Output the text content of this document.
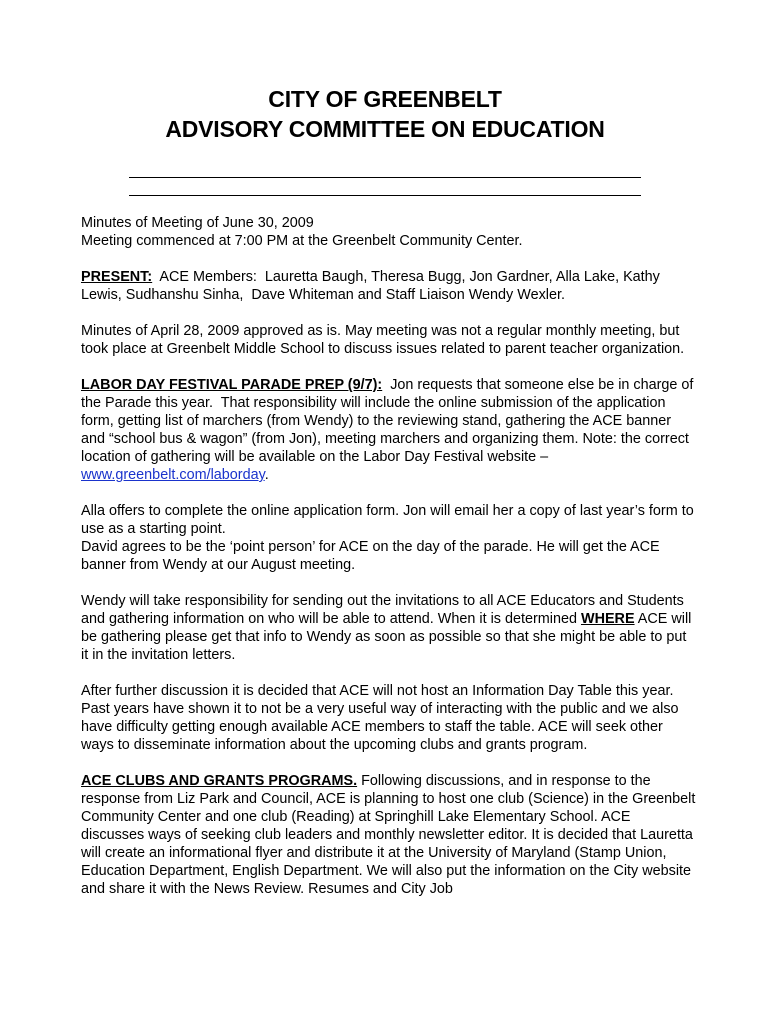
CITY OF GREENBELT
ADVISORY COMMITTEE ON EDUCATION

Minutes of Meeting of June 30, 2009
Meeting commenced at 7:00 PM at the Greenbelt Community Center.

PRESENT:  ACE Members:  Lauretta Baugh, Theresa Bugg, Jon Gardner, Alla Lake, Kathy Lewis, Sudhanshu Sinha,  Dave Whiteman and Staff Liaison Wendy Wexler.

Minutes of April 28, 2009 approved as is. May meeting was not a regular monthly meeting, but took place at Greenbelt Middle School to discuss issues related to parent teacher organization.

LABOR DAY FESTIVAL PARADE PREP (9/7):  Jon requests that someone else be in charge of the Parade this year.  That responsibility will include the online submission of the application form, getting list of marchers (from Wendy) to the reviewing stand, gathering the ACE banner and “school bus & wagon” (from Jon), meeting marchers and organizing them. Note: the correct location of gathering will be available on the Labor Day Festival website – www.greenbelt.com/laborday.

Alla offers to complete the online application form. Jon will email her a copy of last year’s form to use as a starting point.

David agrees to be the ‘point person’ for ACE on the day of the parade. He will get the ACE banner from Wendy at our August meeting.

Wendy will take responsibility for sending out the invitations to all ACE Educators and Students and gathering information on who will be able to attend. When it is determined WHERE ACE will be gathering please get that info to Wendy as soon as possible so that she might be able to put it in the invitation letters.

After further discussion it is decided that ACE will not host an Information Day Table this year. Past years have shown it to not be a very useful way of interacting with the public and we also have difficulty getting enough available ACE members to staff the table. ACE will seek other ways to disseminate information about the upcoming clubs and grants program.

ACE CLUBS AND GRANTS PROGRAMS. Following discussions, and in response to the response from Liz Park and Council, ACE is planning to host one club (Science) in the Greenbelt Community Center and one club (Reading) at Springhill Lake Elementary School. ACE discusses ways of seeking club leaders and monthly newsletter editor. It is decided that Lauretta will create an informational flyer and distribute it at the University of Maryland (Stamp Union, Education Department, English Department. We will also put the information on the City website and share it with the News Review. Resumes and City Job
